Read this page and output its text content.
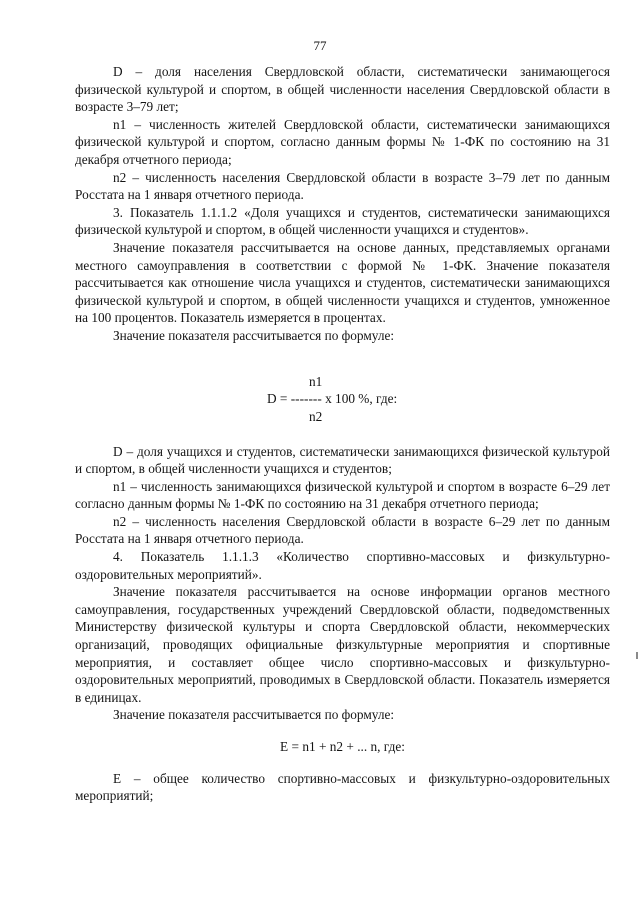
77

D – доля населения Свердловской области, систематически занимающегося физической культурой и спортом, в общей численности населения Свердловской области в возрасте 3–79 лет;

n1 – численность жителей Свердловской области, систематически занимающихся физической культурой и спортом, согласно данным формы № 1-ФК по состоянию на 31 декабря отчетного периода;

n2 – численность населения Свердловской области в возрасте 3–79 лет по данным Росстата на 1 января отчетного периода.

3. Показатель 1.1.1.2 «Доля учащихся и студентов, систематически занимающихся физической культурой и спортом, в общей численности учащихся и студентов».

Значение показателя рассчитывается на основе данных, представляемых органами местного самоуправления в соответствии с формой № 1-ФК. Значение показателя рассчитывается как отношение числа учащихся и студентов, систематически занимающихся физической культурой и спортом, в общей численности учащихся и студентов, умноженное на 100 процентов. Показатель измеряется в процентах.

Значение показателя рассчитывается по формуле:

n1
D = ------- x 100 %, где:
n2

D – доля учащихся и студентов, систематически занимающихся физической культурой и спортом, в общей численности учащихся и студентов;

n1 – численность занимающихся физической культурой и спортом в возрасте 6–29 лет согласно данным формы № 1-ФК по состоянию на 31 декабря отчетного периода;

n2 – численность населения Свердловской области в возрасте 6–29 лет по данным Росстата на 1 января отчетного периода.

4. Показатель 1.1.1.3 «Количество спортивно-массовых и физкультурно-оздоровительных мероприятий».

Значение показателя рассчитывается на основе информации органов местного самоуправления, государственных учреждений Свердловской области, подведомственных Министерству физической культуры и спорта Свердловской области, некоммерческих организаций, проводящих официальные физкультурные мероприятия и спортивные мероприятия, и составляет общее число спортивно-массовых и физкультурно-оздоровительных мероприятий, проводимых в Свердловской области. Показатель измеряется в единицах.

Значение показателя рассчитывается по формуле:

E = n1 + n2 + ... n, где:

E – общее количество спортивно-массовых и физкультурно-оздоровительных мероприятий;
